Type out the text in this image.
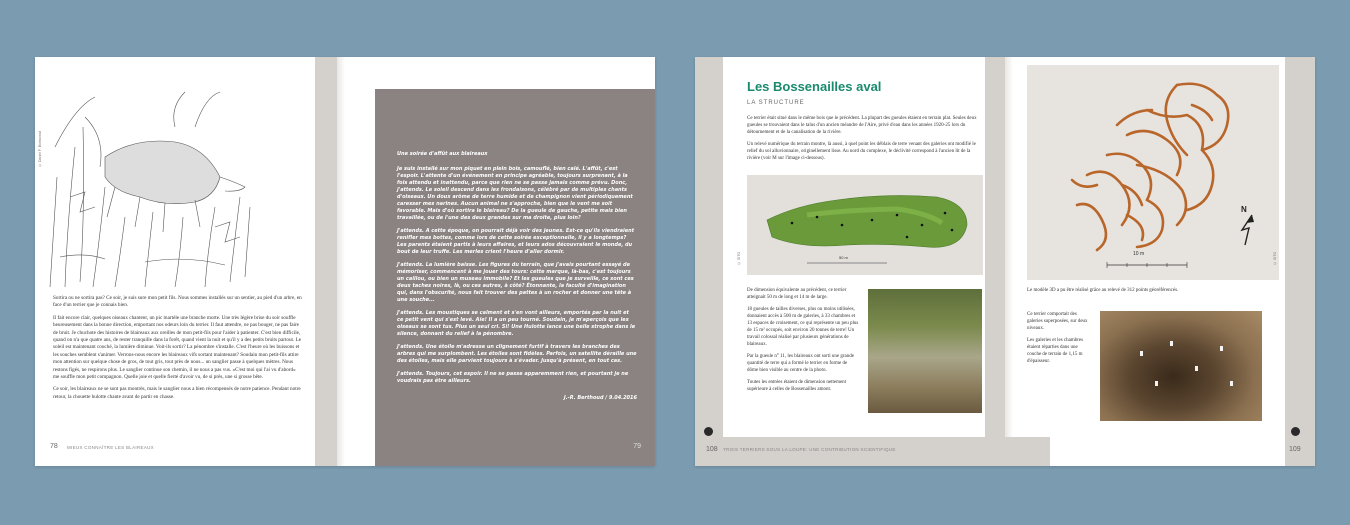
© Daniel P. Boissoniat

Sortira ou ne sortira pas? Ce soir, je suis sure mon petit fils. Nous sommes installés sur un sentier, au pied d'un arbre, en face d'un terrier que je connais bien.

Il fait encore clair, quelques oiseaux chantent, un pic martèle une branche morte. Une très légère brise du soir souffle heureusement dans la bonne direction, emportant nos odeurs loin du terrier. Il faut attendre, ne pas bouger, ne pas faire de bruit. Je chuchote des histoires de blaireaux aux oreilles de mon petit-fils pour l'aider à patienter. C'est bien difficile, quand on n'a que quatre ans, de rester tranquille dans la forêt, quand vient la nuit et qu'il y a des petits bruits partout. Le soleil est maintenant couché, la lumière diminue. Voit-ils sortir? La pénombre s'installe. C'est l'heure où les buissons et les souches semblent s'animer. Verrons-nous encore les blaireaux vifs sortant maintenant? Soudain mon petit-fils attire mon attention sur quelque chose de gros, de tout gris, tout près de nous... un sanglier passe à quelques mètres. Nous restons figés, ne respirons plus. Le sanglier continue son chemin, il ne nous a pas vus. «C'est moi qui l'ai vu d'abord» me souffle mon petit compagnon. Quelle joie et quelle fierté d'avoir vu, de si près, une si grosse bête.

Ce soir, les blaireaux ne se sont pas montrés, mais le sanglier nous a bien récompensés de notre patience. Pendant notre retour, la chouette hulotte chante avant de partir en chasse.

78 MIEUX CONNAÎTRE LES BLAIREAUX

Une soirée d'affût aux blaireaux

Je suis installé sur mon piquet en plein bois, camouflé, bien calé. L'affût, c'est l'espoir. L'attente d'un événement en principe agréable, toujours surprenant, à la fois attendu et inattendu, parce que rien ne se passe jamais comme prévu. Donc, j'attends. Le soleil descend dans les frondaisons, célébré par de multiples chants d'oiseaux. Un doux arôme de terre humide et de champignon vient périodiquement caresser mes narines. Aucun animal ne s'approche, bien que le vent me soit favorable. Mais d'où sortira le blaireau? De la gueule de gauche, petite mais bien travaillée, ou de l'une des deux grandes sur ma droite, plus loin?

J'attends. A cette époque, on pourrait déjà voir des jeunes. Est-ce qu'ils viendraient renifler mes bottes, comme lors de cette soirée exceptionnelle, il y a longtemps? Les parents étaient partis à leurs affaires, et leurs ados découvraient le monde, du bout de leur truffe. Les merles crient l'heure d'aller dormir.

J'attends. La lumière baisse. Les figures du terrain, que j'avais pourtant essayé de mémoriser, commencent à me jouer des tours: cette marque, là-bas, c'est toujours un caillou, ou bien un museau immobile? Et les gueules que je surveille, ce sont ces deux taches noires, là, ou ces autres, à côté? Étonnante, la faculté d'imagination qui, dans l'obscurité, nous fait trouver des pattes à un rocher et donner une tête à une souche...

J'attends. Les moustiques se calment et s'en vont ailleurs, emportés par la nuit et ce petit vent qui s'est levé. Aïe! Il a un peu tourné. Soudain, je m'aperçois que les oiseaux se sont tus. Plus un seul cri. Si! Une Hulotte lance une belle strophe dans le silence, donnant du relief à la pénombre.

J'attends. Une étoile m'adresse un clignement furtif à travers les branches des arbres qui me surplombent. Les étoiles sont fidèles. Parfois, un satellite déraille une des étoiles, mais elle parvient toujours à s'évader. Jusqu'à présent, en tout cas.

J'attends. Toujours, cet espoir. Il ne se passe apparemment rien, et pourtant je ne voudrais pas être ailleurs.

J.-R. Berthoud / 9.04.2016

79
Les Bossenailles aval
LA STRUCTURE

Ce terrier était situé dans le même bois que le précédent. La plupart des gueules étaient en terrain plat. Seules deux gueules se trouvaient dans le talus d'un ancien méandre de l'Aire, privé d'eau dans les années 1920-25 lors du détournement et de la canalisation de la rivière.

Un relevé numérique du terrain montre, là aussi, à quel point les déblais de terre venant des galeries ont modifié le relief du sol alluvionnaire, originellement lisse. Au nord du complexe, le déclivité correspond à l'ancien lit de la rivière (voir M sur l'image ci-dessous).

50 m
© SITG

De dimension équivalente au précédent, ce terrier atteignait 50 m de long et 14 m de large.

18 gueules de tailles diverses, plus ou moins utilisées, donnaient accès à 500 m de galeries, à 33 chambres et 13 espaces de croisement, ce qui représente un peu plus de 15 m² occupés, soit environ 20 tonnes de terre! Un travail colossal réalisé par plusieurs générations de blaireaux.

Par la gueule n° 11, les blaireaux ont sorti une grande quantité de terre qui a formé le terrier en forme de dôme bien visible au centre de la photo.

Toutes les entrées étaient de dimension nettement supérieure à celles de Bossenailles amont.

108 TROIS TERRIERS SOUS LA LOUPE: UNE CONTRIBUTION SCIENTIFIQUE
10 m
N
© SITG
Le modèle 3D a pu être réalisé grâce au relevé de 312 points géoréférencés.

Ce terrier comportait des galeries superposées, sur deux niveaux.

Les galeries et les chambres étaient réparties dans une couche de terrain de 1,15 m d'épaisseur.

109
